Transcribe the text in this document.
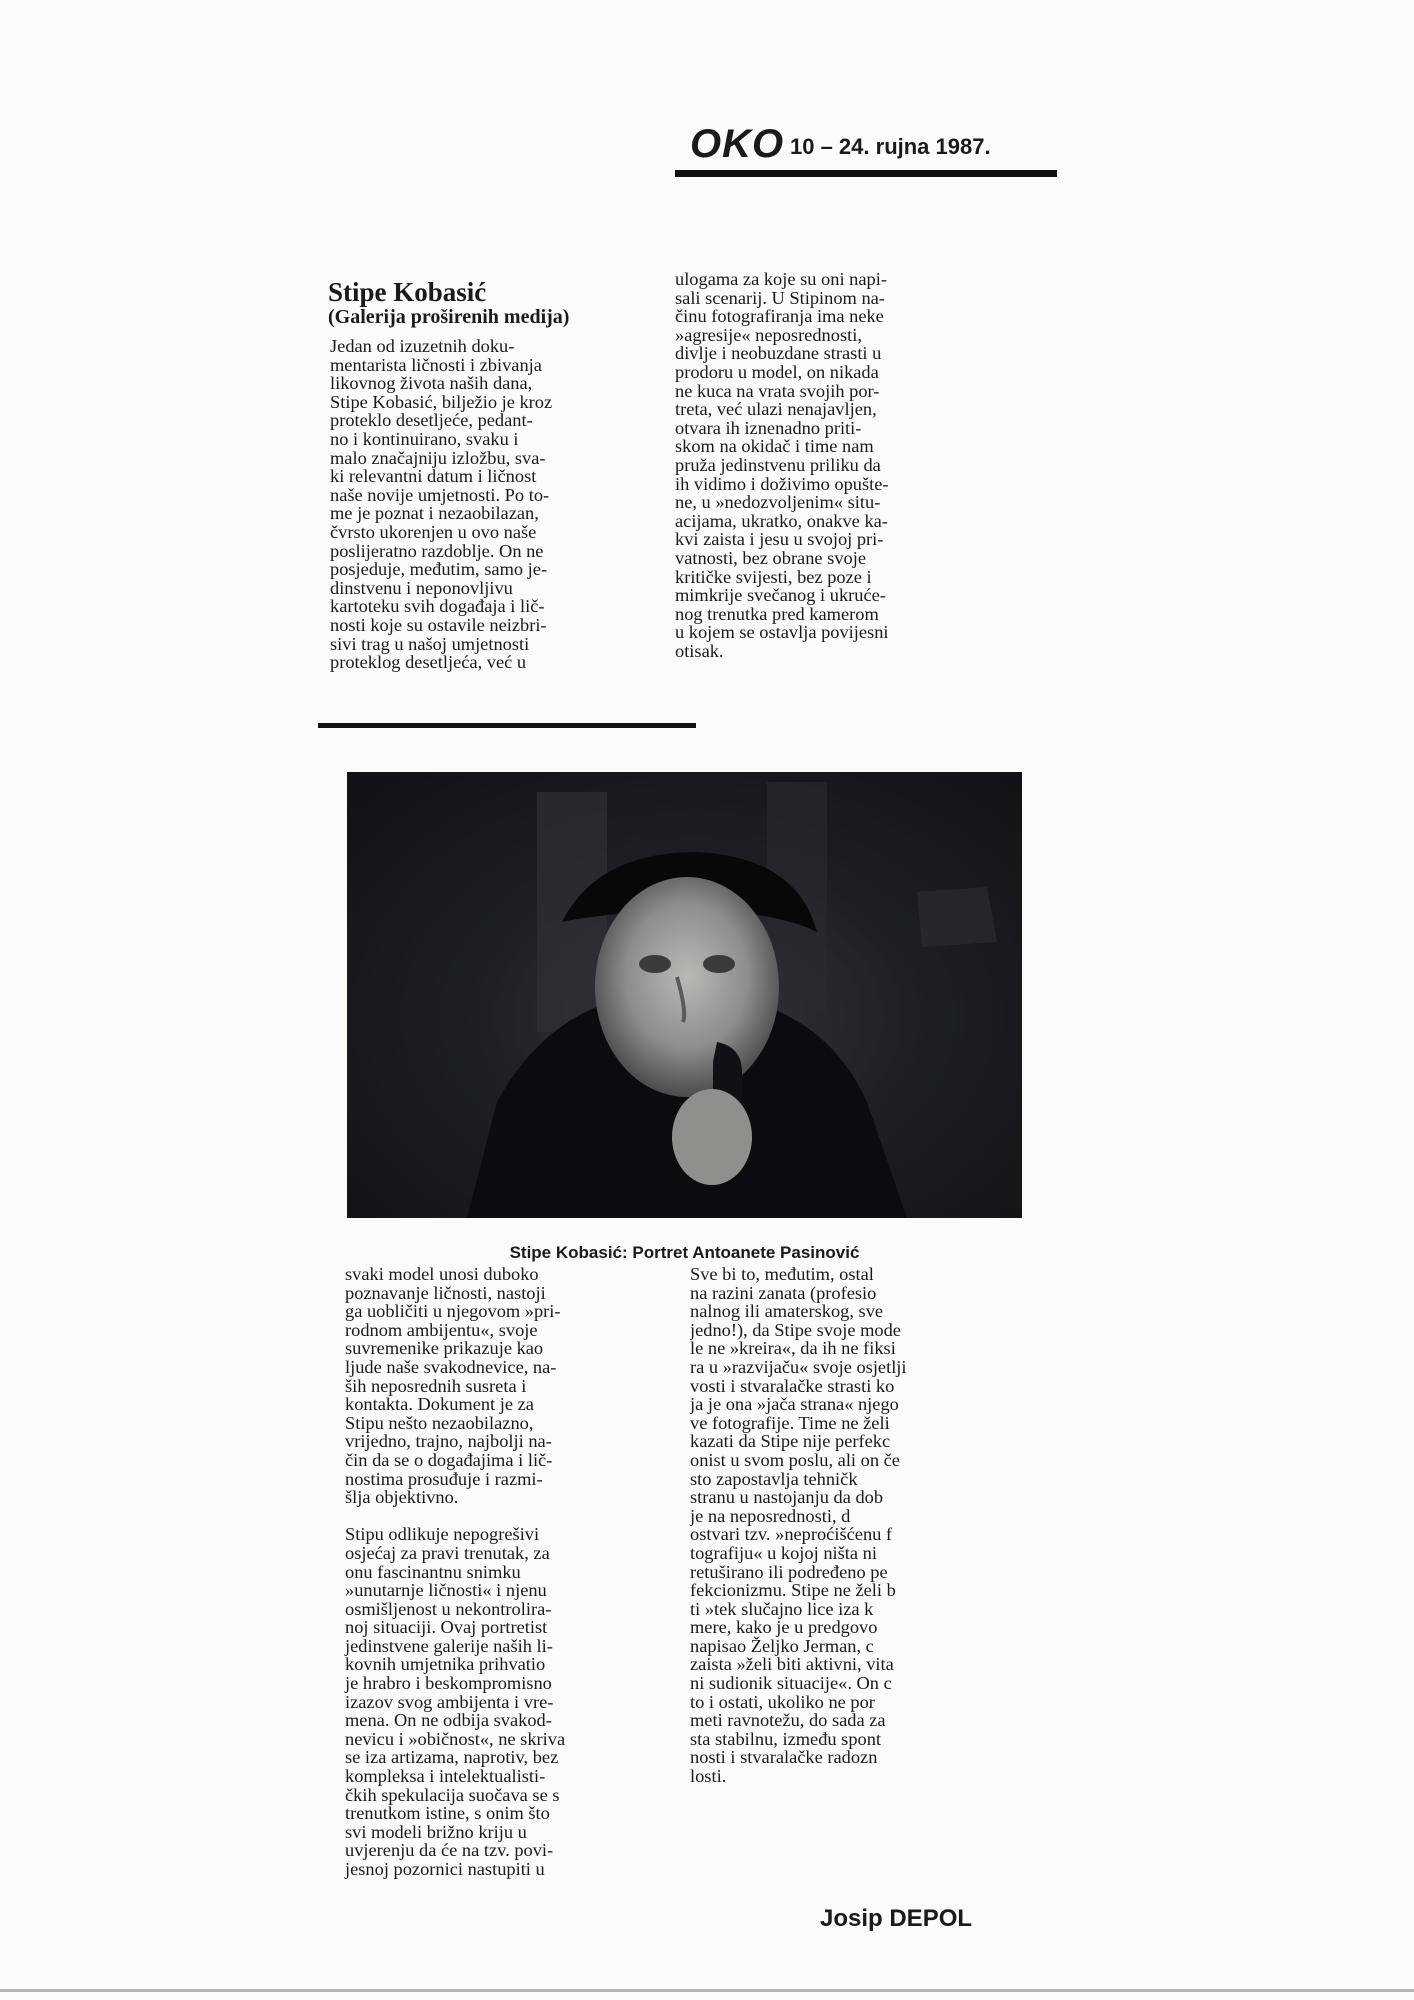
OKO 10 – 24. rujna 1987.
Stipe Kobasić
(Galerija proširenih medija)
Jedan od izuzetnih doku-
mentarista ličnosti i zbivanja
likovnog života naših dana,
Stipe Kobasić, bilježio je kroz
proteklo desetljeće, pedant-
no i kontinuirano, svaku i
malo značajniju izložbu, sva-
ki relevantni datum i ličnost
naše novije umjetnosti. Po to-
me je poznat i nezaobilazan,
čvrsto ukorenjen u ovo naše
poslijeratno razdoblje. On ne
posjeduje, međutim, samo je-
dinstvenu i neponovljivu
kartoteku svih događaja i lič-
nosti koje su ostavile neizbri-
sivi trag u našoj umjetnosti
proteklog desetljeća, već u
ulogama za koje su oni napi-
sali scenarij. U Stipinom na-
činu fotografiranja ima neke
»agresije« neposrednosti,
divlje i neobuzdane strasti u
prodoru u model, on nikada
ne kuca na vrata svojih por-
treta, već ulazi nenajavljen,
otvara ih iznenadno priti-
skom na okidač i time nam
pruža jedinstvenu priliku da
ih vidimo i doživimo opušte-
ne, u »nedozvoljenim« situ-
acijama, ukratko, onakve ka-
kvi zaista i jesu u svojoj pri-
vatnosti, bez obrane svoje
kritičke svijesti, bez poze i
mimkrije svečanog i ukruće-
nog trenutka pred kamerom
u kojem se ostavlja povijesni
otisak.
Stipe Kobasić: Portret Antoanete Pasinović
svaki model unosi duboko
poznavanje ličnosti, nastoji
ga uobličiti u njegovom »pri-
rodnom ambijentu«, svoje
suvremenike prikazuje kao
ljude naše svakodnevice, na-
ših neposrednih susreta i
kontakta. Dokument je za
Stipu nešto nezaobilazno,
vrijedno, trajno, najbolji na-
čin da se o događajima i lič-
nostima prosuđuje i razmi-
šlja objektivno.

Stipu odlikuje nepogrešivi
osjećaj za pravi trenutak, za
onu fascinantnu snimku
»unutarnje ličnosti« i njenu
osmišljenost u nekontrolira-
noj situaciji. Ovaj portretist
jedinstvene galerije naših li-
kovnih umjetnika prihvatio
je hrabro i beskompromisno
izazov svog ambijenta i vre-
mena. On ne odbija svakod-
nevicu i »običnost«, ne skriva
se iza artizama, naprotiv, bez
kompleksa i intelektualisti-
čkih spekulacija suočava se s
trenutkom istine, s onim što
svi modeli brižno kriju u
uvjerenju da će na tzv. povi-
jesnoj pozornici nastupiti u
Sve bi to, međutim, ostal
na razini zanata (profesio
nalnog ili amaterskog, sve
jedno!), da Stipe svoje mode
le ne »kreira«, da ih ne fiksi
ra u »razvijaču« svoje osjetlji
vosti i stvaralačke strasti ko
ja je ona »jača strana« njego
ve fotografije. Time ne želi
kazati da Stipe nije perfekc
onist u svom poslu, ali on če
sto zapostavlja tehničk
stranu u nastojanju da dob
je na neposrednosti, d
ostvari tzv. »neproćišćenu f
tografiju« u kojoj ništa ni
retuširano ili podređeno pe
fekcionizmu. Stipe ne želi b
ti »tek slučajno lice iza k
mere, kako je u predgovo
napisao Željko Jerman, c
zaista »želi biti aktivni, vita
ni sudionik situacije«. On c
to i ostati, ukoliko ne por
meti ravnotežu, do sada za
sta stabilnu, između spont
nosti i stvaralačke radozn
losti.
Josip DEPOL
